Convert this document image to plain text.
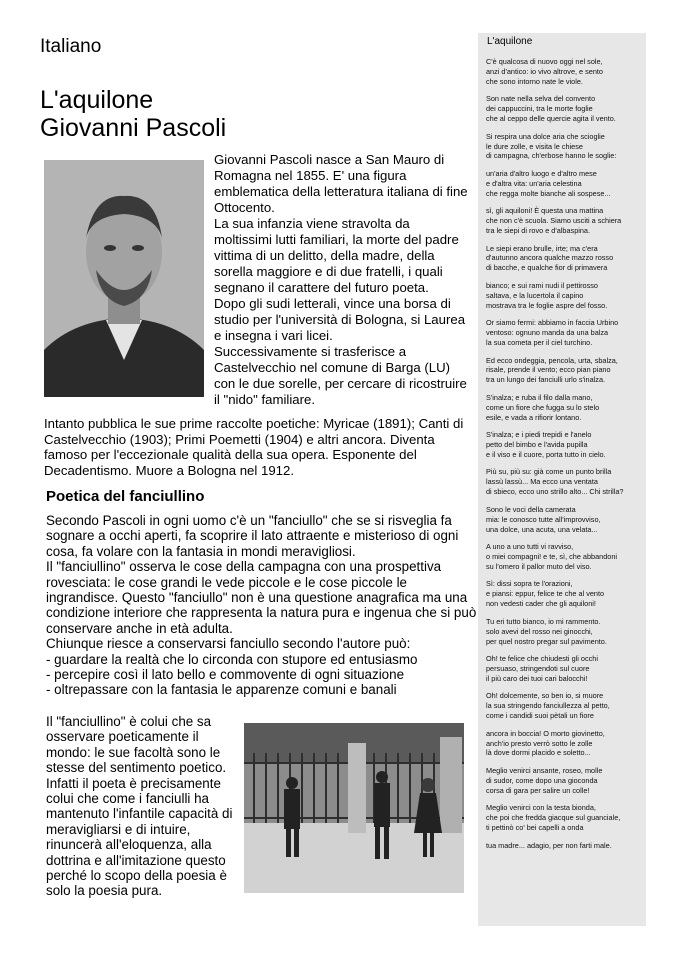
Italiano
L'aquilone
Giovanni Pascoli
Giovanni Pascoli nasce a San Mauro di Romagna nel 1855. E' una figura emblematica della letteratura italiana di fine Ottocento.
La sua infanzia viene stravolta da moltissimi lutti familiari, la morte del padre vittima di un delitto, della madre, della sorella maggiore e di due fratelli, i quali segnano il carattere del futuro poeta.
Dopo gli sudi letterali, vince una borsa di studio per l'università di Bologna, si Laurea e insegna i vari licei.
Successivamente si trasferisce a Castelvecchio nel comune di Barga (LU) con le due sorelle, per cercare di ricostruire il "nido" familiare.
Intanto pubblica le sue prime raccolte poetiche: Myricae (1891); Canti di Castelvecchio (1903); Primi Poemetti (1904) e altri ancora. Diventa famoso per l'eccezionale qualità della sua opera. Esponente del Decadentismo. Muore a Bologna nel 1912.
Poetica del fanciullino

Secondo Pascoli in ogni uomo c'è un "fanciullo" che se si risveglia fa sognare a occhi aperti, fa scoprire il lato attraente e misterioso di ogni cosa, fa volare con la fantasia in mondi meravigliosi.

Il "fanciullino" osserva le cose della campagna con una prospettiva rovesciata: le cose grandi le vede piccole e le cose piccole le ingrandisce. Questo "fanciullo" non è una questione anagrafica ma una condizione interiore che rappresenta la natura pura e ingenua che si può conservare anche in età adulta.

Chiunque riesce a conservarsi fanciullo secondo l'autore può:

- guardare la realtà che lo circonda con stupore ed entusiasmo

- percepire così il lato bello e commovente di ogni situazione

- oltrepassare con la fantasia le apparenze comuni e banali

Il "fanciullino" è colui che sa osservare poeticamente il mondo: le sue facoltà sono le stesse del sentimento poetico. Infatti il poeta è precisamente colui che come i fanciulli ha mantenuto l'infantile capacità di meravigliarsi e di intuire, rinuncerà all'eloquenza, alla dottrina e all'imitazione questo perché lo scopo della poesia è solo la poesia pura.
L'aquilone
C'è qualcosa di nuovo oggi nel sole,
anzi d'antico: io vivo altrove, e sento
che sono intorno nate le viole.
Son nate nella selva del convento
dei cappuccini, tra le morte foglie
che al ceppo delle quercie agita il vento.
Si respira una dolce aria che scioglie
le dure zolle, e visita le chiese
di campagna, ch'erbose hanno le soglie:
un'aria d'altro luogo e d'altro mese
e d'altra vita: un'aria celestina
che regga molte bianche ali sospese...
sì, gli aquiloni! È questa una mattina
che non c'è scuola. Siamo usciti a schiera
tra le siepi di rovo e d'albaspina.
Le siepi erano brulle, irte; ma c'era
d'autunno ancora qualche mazzo rosso
di bacche, e qualche fior di primavera
bianco; e sui rami nudi il pettirosso
saltava, e la lucertola il capino
mostrava tra le foglie aspre del fosso.
Or siamo fermi: abbiamo in faccia Urbino
ventoso: ognuno manda da una balza
la sua cometa per il ciel turchino.
Ed ecco ondeggia, pencola, urta, sbalza,
risale, prende il vento; ecco pian piano
tra un lungo dei fanciulli urlo s'inalza.
S'inalza; e ruba il filo dalla mano,
come un fiore che fugga su lo stelo
esile, e vada a rifiorir lontano.
S'inalza; e i piedi trepidi e l'anelo
petto del bimbo e l'avida pupilla
e il viso e il cuore, porta tutto in cielo.
Più su, più su: già come un punto brilla
lassù lassù... Ma ecco una ventata
di sbieco, ecco uno strillo alto... Chi strilla?
Sono le voci della camerata
mia: le conosco tutte all'improvviso,
una dolce, una acuta, una velata...
A uno a uno tutti vi ravviso,
o miei compagni! e te, sì, che abbandoni
su l'omero il pallor muto del viso.
Sì: dissi sopra te l'orazioni,
e piansi: eppur, felice te che al vento
non vedesti cader che gli aquiloni!
Tu eri tutto bianco, io mi rammento.
solo avevi del rosso nei ginocchi,
per quel nostro pregar sul pavimento.
Oh! te felice che chiudesti gli occhi
persuaso, stringendoti sul cuore
il più caro dei tuoi cari balocchi!
Oh! dolcemente, so ben io, si muore
la sua stringendo fanciullezza al petto,
come i candidi suoi pètali un fiore
ancora in boccia! O morto giovinetto,
anch'io presto verrò sotto le zolle
là dove dormi placido e soletto...
Meglio venirci ansante, roseo, molle
di sudor, come dopo una gioconda
corsa di gara per salire un colle!
Meglio venirci con la testa bionda,
che poi che fredda giacque sul guanciale,
ti pettinò co' bei capelli a onda
tua madre... adagio, per non farti male.
